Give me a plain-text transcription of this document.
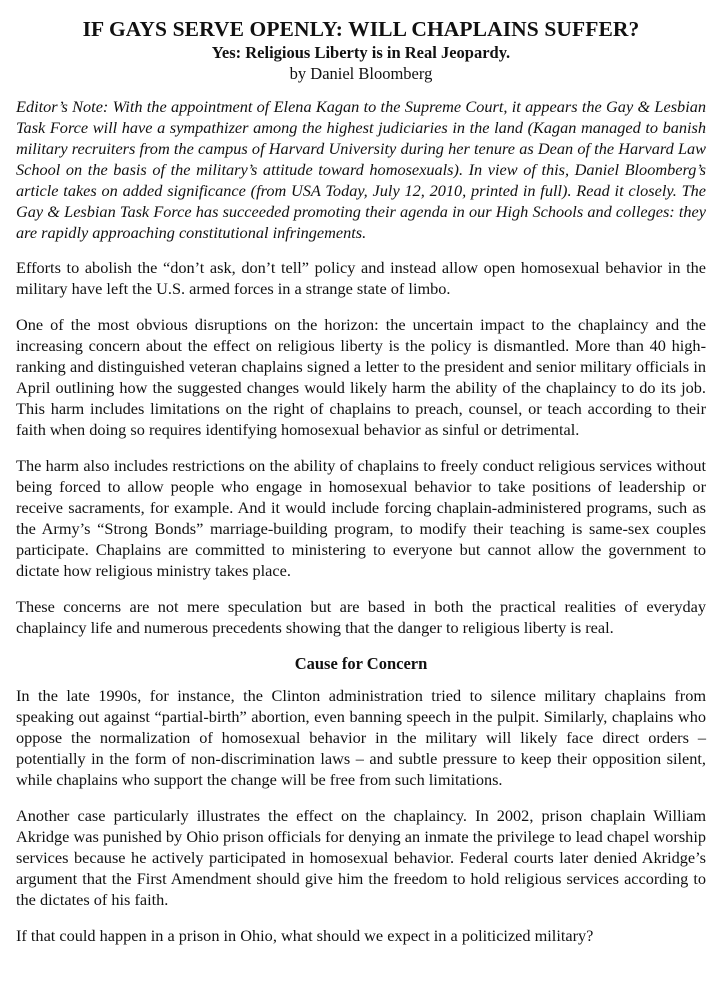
IF GAYS SERVE OPENLY: WILL CHAPLAINS SUFFER?
Yes: Religious Liberty is in Real Jeopardy.
by Daniel Bloomberg

Editor’s Note: With the appointment of Elena Kagan to the Supreme Court, it appears the Gay & Lesbian Task Force will have a sympathizer among the highest judiciaries in the land (Kagan managed to banish military recruiters from the campus of Harvard University during her tenure as Dean of the Harvard Law School on the basis of the military’s attitude toward homosexuals). In view of this, Daniel Bloomberg’s article takes on added significance (from USA Today, July 12, 2010, printed in full). Read it closely. The Gay & Lesbian Task Force has succeeded promoting their agenda in our High Schools and colleges: they are rapidly approaching constitutional infringements.

Efforts to abolish the “don’t ask, don’t tell” policy and instead allow open homosexual behavior in the military have left the U.S. armed forces in a strange state of limbo.

One of the most obvious disruptions on the horizon: the uncertain impact to the chaplaincy and the increasing concern about the effect on religious liberty is the policy is dismantled. More than 40 high-ranking and distinguished veteran chaplains signed a letter to the president and senior military officials in April outlining how the suggested changes would likely harm the ability of the chaplaincy to do its job. This harm includes limitations on the right of chaplains to preach, counsel, or teach according to their faith when doing so requires identifying homosexual behavior as sinful or detrimental.

The harm also includes restrictions on the ability of chaplains to freely conduct religious services without being forced to allow people who engage in homosexual behavior to take positions of leadership or receive sacraments, for example. And it would include forcing chaplain-administered programs, such as the Army’s “Strong Bonds” marriage-building program, to modify their teaching is same-sex couples participate. Chaplains are committed to ministering to everyone but cannot allow the government to dictate how religious ministry takes place.

These concerns are not mere speculation but are based in both the practical realities of everyday chaplaincy life and numerous precedents showing that the danger to religious liberty is real.

Cause for Concern

In the late 1990s, for instance, the Clinton administration tried to silence military chaplains from speaking out against “partial-birth” abortion, even banning speech in the pulpit. Similarly, chaplains who oppose the normalization of homosexual behavior in the military will likely face direct orders – potentially in the form of non-discrimination laws – and subtle pressure to keep their opposition silent, while chaplains who support the change will be free from such limitations.

Another case particularly illustrates the effect on the chaplaincy. In 2002, prison chaplain William Akridge was punished by Ohio prison officials for denying an inmate the privilege to lead chapel worship services because he actively participated in homosexual behavior. Federal courts later denied Akridge’s argument that the First Amendment should give him the freedom to hold religious services according to the dictates of his faith.

If that could happen in a prison in Ohio, what should we expect in a politicized military?
